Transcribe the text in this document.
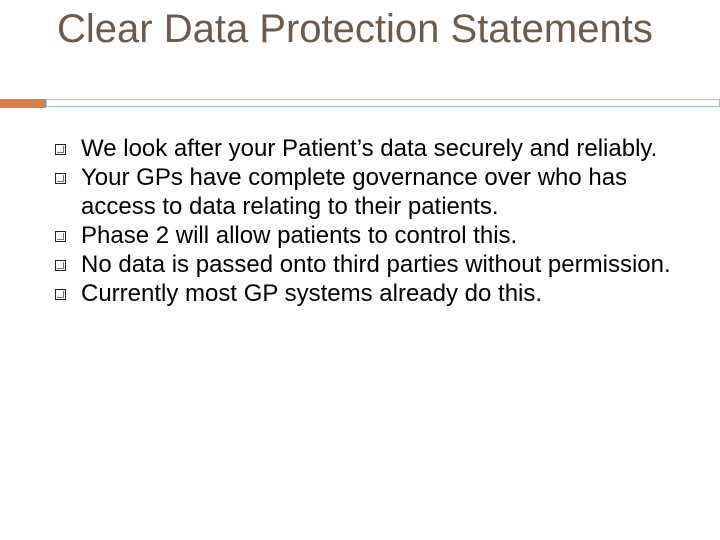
Clear Data Protection Statements
We look after your Patient’s data securely and reliably.
Your GPs have complete governance over who has access to data relating to their patients.
Phase 2 will allow patients to control this.
No data is passed onto third parties without permission.
Currently most GP systems already do this.
